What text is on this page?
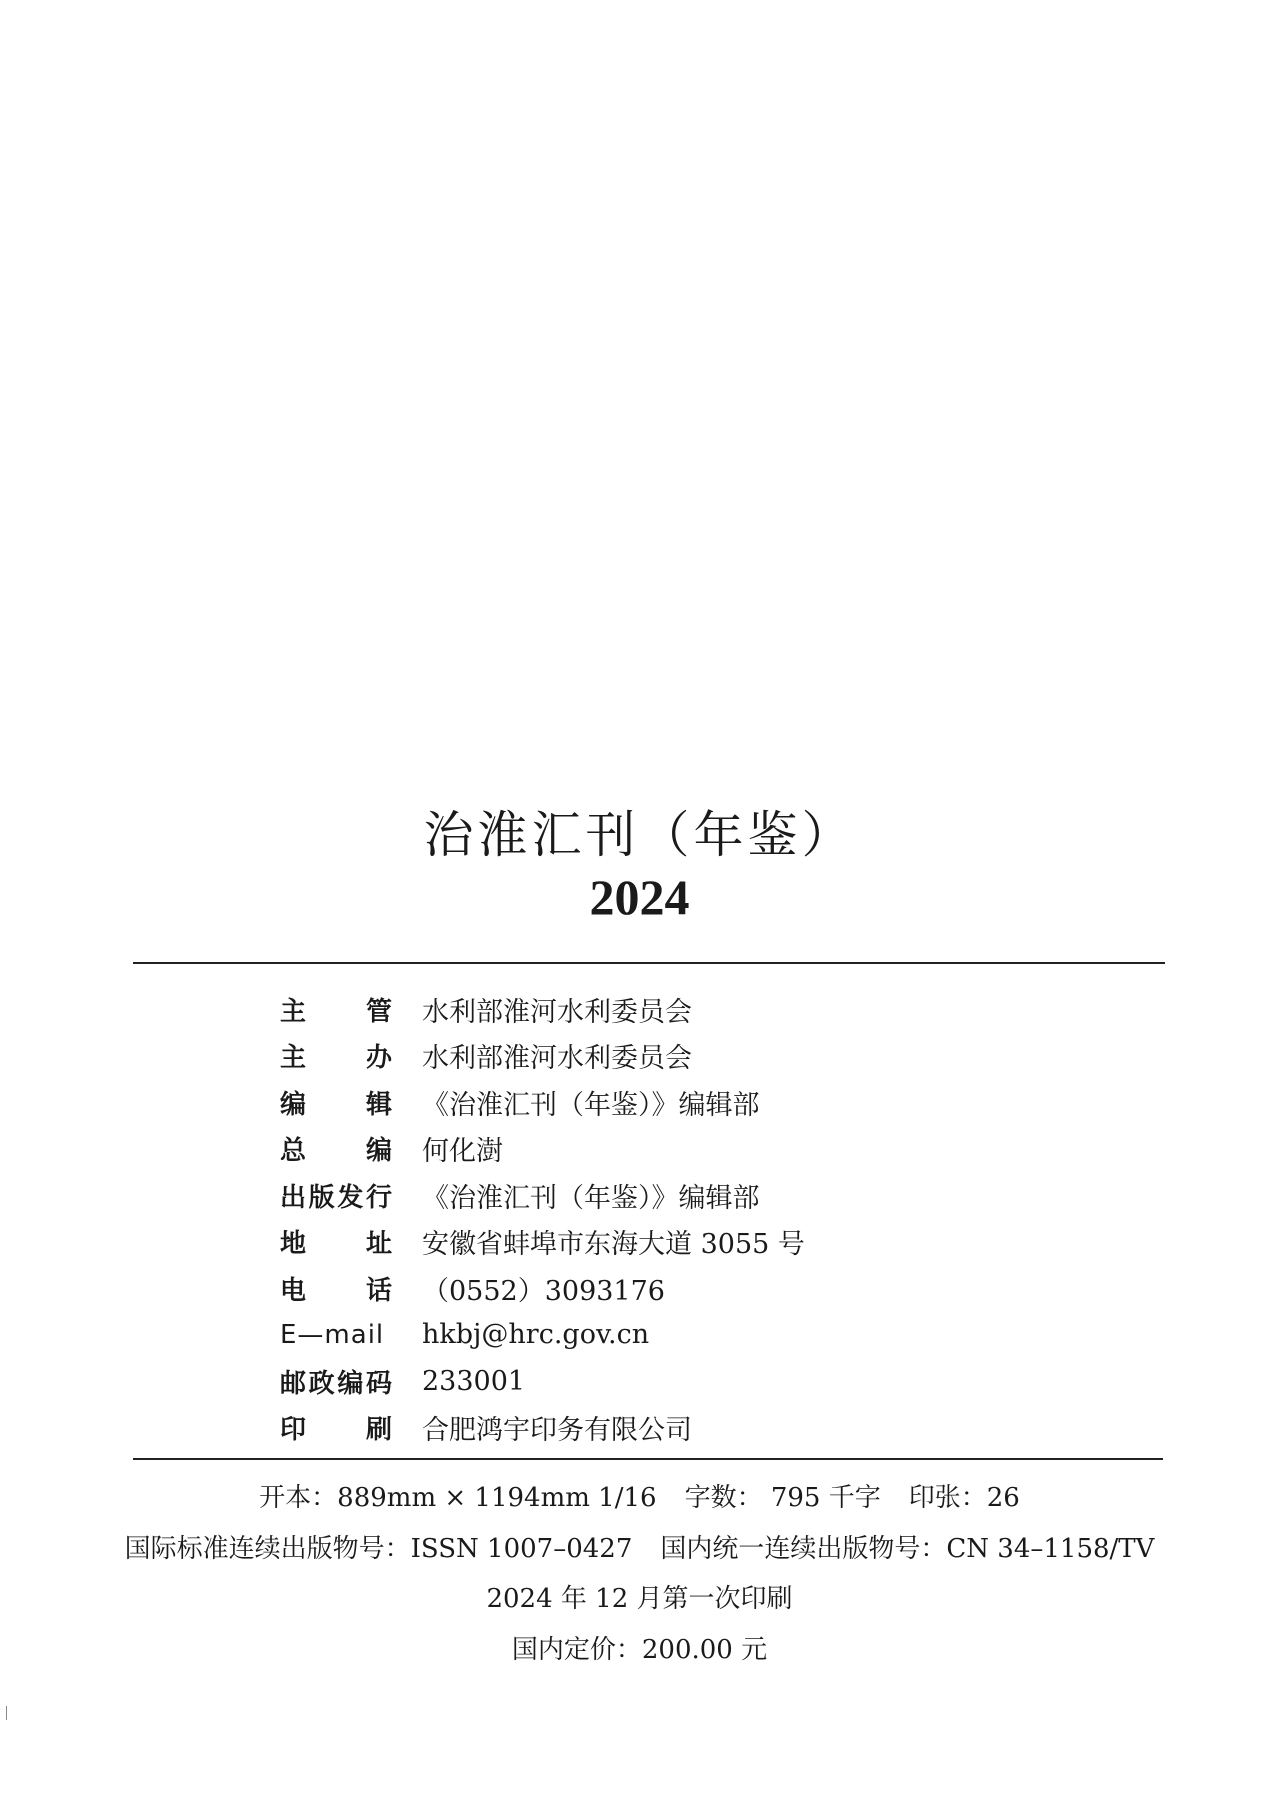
治淮汇刊（年鉴）
2024
主 管 水利部淮河水利委员会
主 办 水利部淮河水利委员会
编 辑 《治淮汇刊（年鉴）》编辑部
总 编 何化澍
出 版 发 行 《治淮汇刊（年鉴）》编辑部
地 址 安徽省蚌埠市东海大道 3055 号
电 话 （0552）3093176
E—mail hkbj@hrc.gov.cn
邮 政 编 码 233001
印 刷 合肥鸿宇印务有限公司
开本：889mm × 1194mm 1/16 字数： 795 千字 印张：26
国际标准连续出版物号：ISSN 1007–0427 国内统一连续出版物号：CN 34–1158/TV
2024 年 12 月第一次印刷
国内定价：200.00 元
